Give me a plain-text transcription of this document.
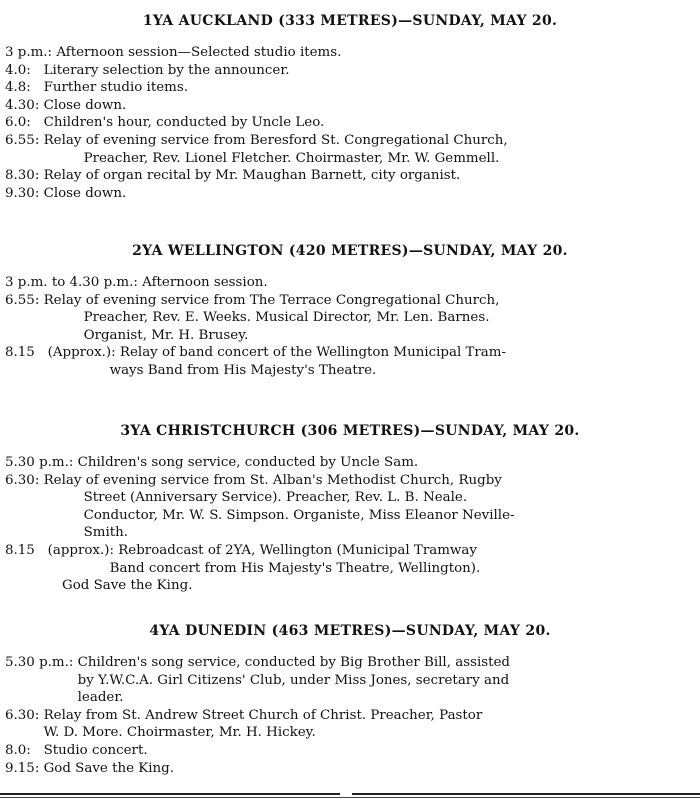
1YA AUCKLAND (333 METRES)—SUNDAY, MAY 20.
3 p.m.:
Afternoon session—Selected studio items.
4.0:
Literary selection by the announcer.
4.8:
Further studio items.
4.30:
Close down.
6.0:
Children's hour, conducted by Uncle Leo.
6.55:
Relay of evening service from Beresford St. Congregational Church,
Preacher, Rev. Lionel Fletcher. Choirmaster, Mr. W. Gemmell.
8.30:
Relay of organ recital by Mr. Maughan Barnett, city organist.
9.30:
Close down.
2YA WELLINGTON (420 METRES)—SUNDAY, MAY 20.
3 p.m. to 4.30 p.m.:
Afternoon session.
6.55:
Relay of evening service from The Terrace Congregational Church,
Preacher, Rev. E. Weeks. Musical Director, Mr. Len. Barnes.
Organist, Mr. H. Brusey.
8.15
(Approx.): Relay of band concert of the Wellington Municipal Tram-
ways Band from His Majesty's Theatre.
3YA CHRISTCHURCH (306 METRES)—SUNDAY, MAY 20.
5.30 p.m.:
Children's song service, conducted by Uncle Sam.
6.30:
Relay of evening service from St. Alban's Methodist Church, Rugby
Street (Anniversary Service). Preacher, Rev. L. B. Neale.
Conductor, Mr. W. S. Simpson. Organiste, Miss Eleanor Neville-
Smith.
8.15
(approx.): Rebroadcast of 2YA, Wellington (Municipal Tramway
Band concert from His Majesty's Theatre, Wellington).
God Save the King.
4YA DUNEDIN (463 METRES)—SUNDAY, MAY 20.
5.30 p.m.:
Children's song service, conducted by Big Brother Bill, assisted
by Y.W.C.A. Girl Citizens' Club, under Miss Jones, secretary and
leader.
6.30:
Relay from St. Andrew Street Church of Christ. Preacher, Pastor
W. D. More. Choirmaster, Mr. H. Hickey.
8.0:
Studio concert.
9.15:
God Save the King.
